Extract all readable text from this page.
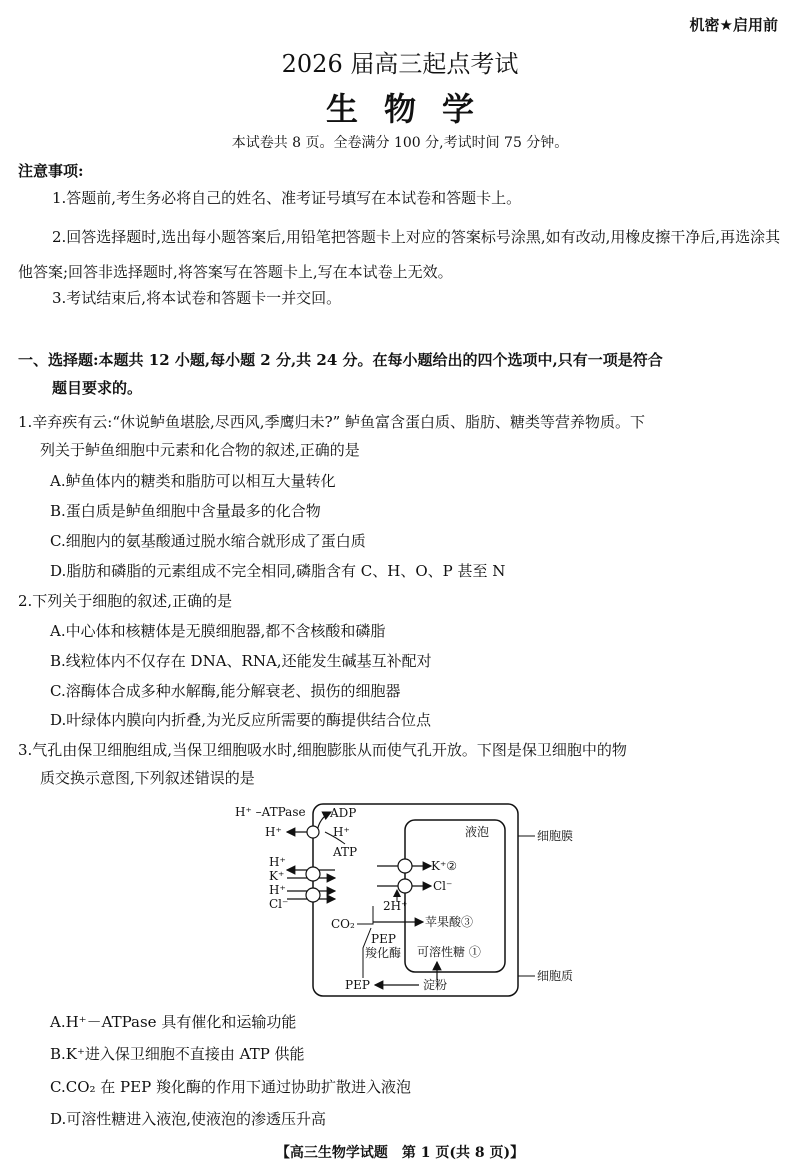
机密★启用前
2026 届高三起点考试
生物学
本试卷共 8 页。全卷满分 100 分,考试时间 75 分钟。
注意事项:
1.答题前,考生务必将自己的姓名、准考证号填写在本试卷和答题卡上。
2.回答选择题时,选出每小题答案后,用铅笔把答题卡上对应的答案标号涂黑,如有改动,用橡皮擦干净后,再选涂其他答案;回答非选择题时,将答案写在答题卡上,写在本试卷上无效。
3.考试结束后,将本试卷和答题卡一并交回。
一、选择题:本题共 12 小题,每小题 2 分,共 24 分。在每小题给出的四个选项中,只有一项是符合
题目要求的。
1.辛弃疾有云:“休说鲈鱼堪脍,尽西风,季鹰归未?” 鲈鱼富含蛋白质、脂肪、糖类等营养物质。下
列关于鲈鱼细胞中元素和化合物的叙述,正确的是
A.鲈鱼体内的糖类和脂肪可以相互大量转化
B.蛋白质是鲈鱼细胞中含量最多的化合物
C.细胞内的氨基酸通过脱水缩合就形成了蛋白质
D.脂肪和磷脂的元素组成不完全相同,磷脂含有 C、H、O、P 甚至 N
2.下列关于细胞的叙述,正确的是
A.中心体和核糖体是无膜细胞器,都不含核酸和磷脂
B.线粒体内不仅存在 DNA、RNA,还能发生碱基互补配对
C.溶酶体合成多种水解酶,能分解衰老、损伤的细胞器
D.叶绿体内膜向内折叠,为光反应所需要的酶提供结合位点
3.气孔由保卫细胞组成,当保卫细胞吸水时,细胞膨胀从而使气孔开放。下图是保卫细胞中的物
质交换示意图,下列叙述错误的是
H⁺ –ATPase ADP
H⁺	H⁺
ATP
H⁺
K⁺
H⁺
Cl⁻
液泡
K⁺②
Cl⁻
2H⁺
CO₂	苹果酸③
PEP
羧化酶 可溶性糖 ①
淀粉
PEP
细胞膜
细胞质
A.H⁺－ATPase 具有催化和运输功能
B.K⁺进入保卫细胞不直接由 ATP 供能
C.CO₂ 在 PEP 羧化酶的作用下通过协助扩散进入液泡
D.可溶性糖进入液泡,使液泡的渗透压升高
【高三生物学试题　第 1 页(共 8 页)】
